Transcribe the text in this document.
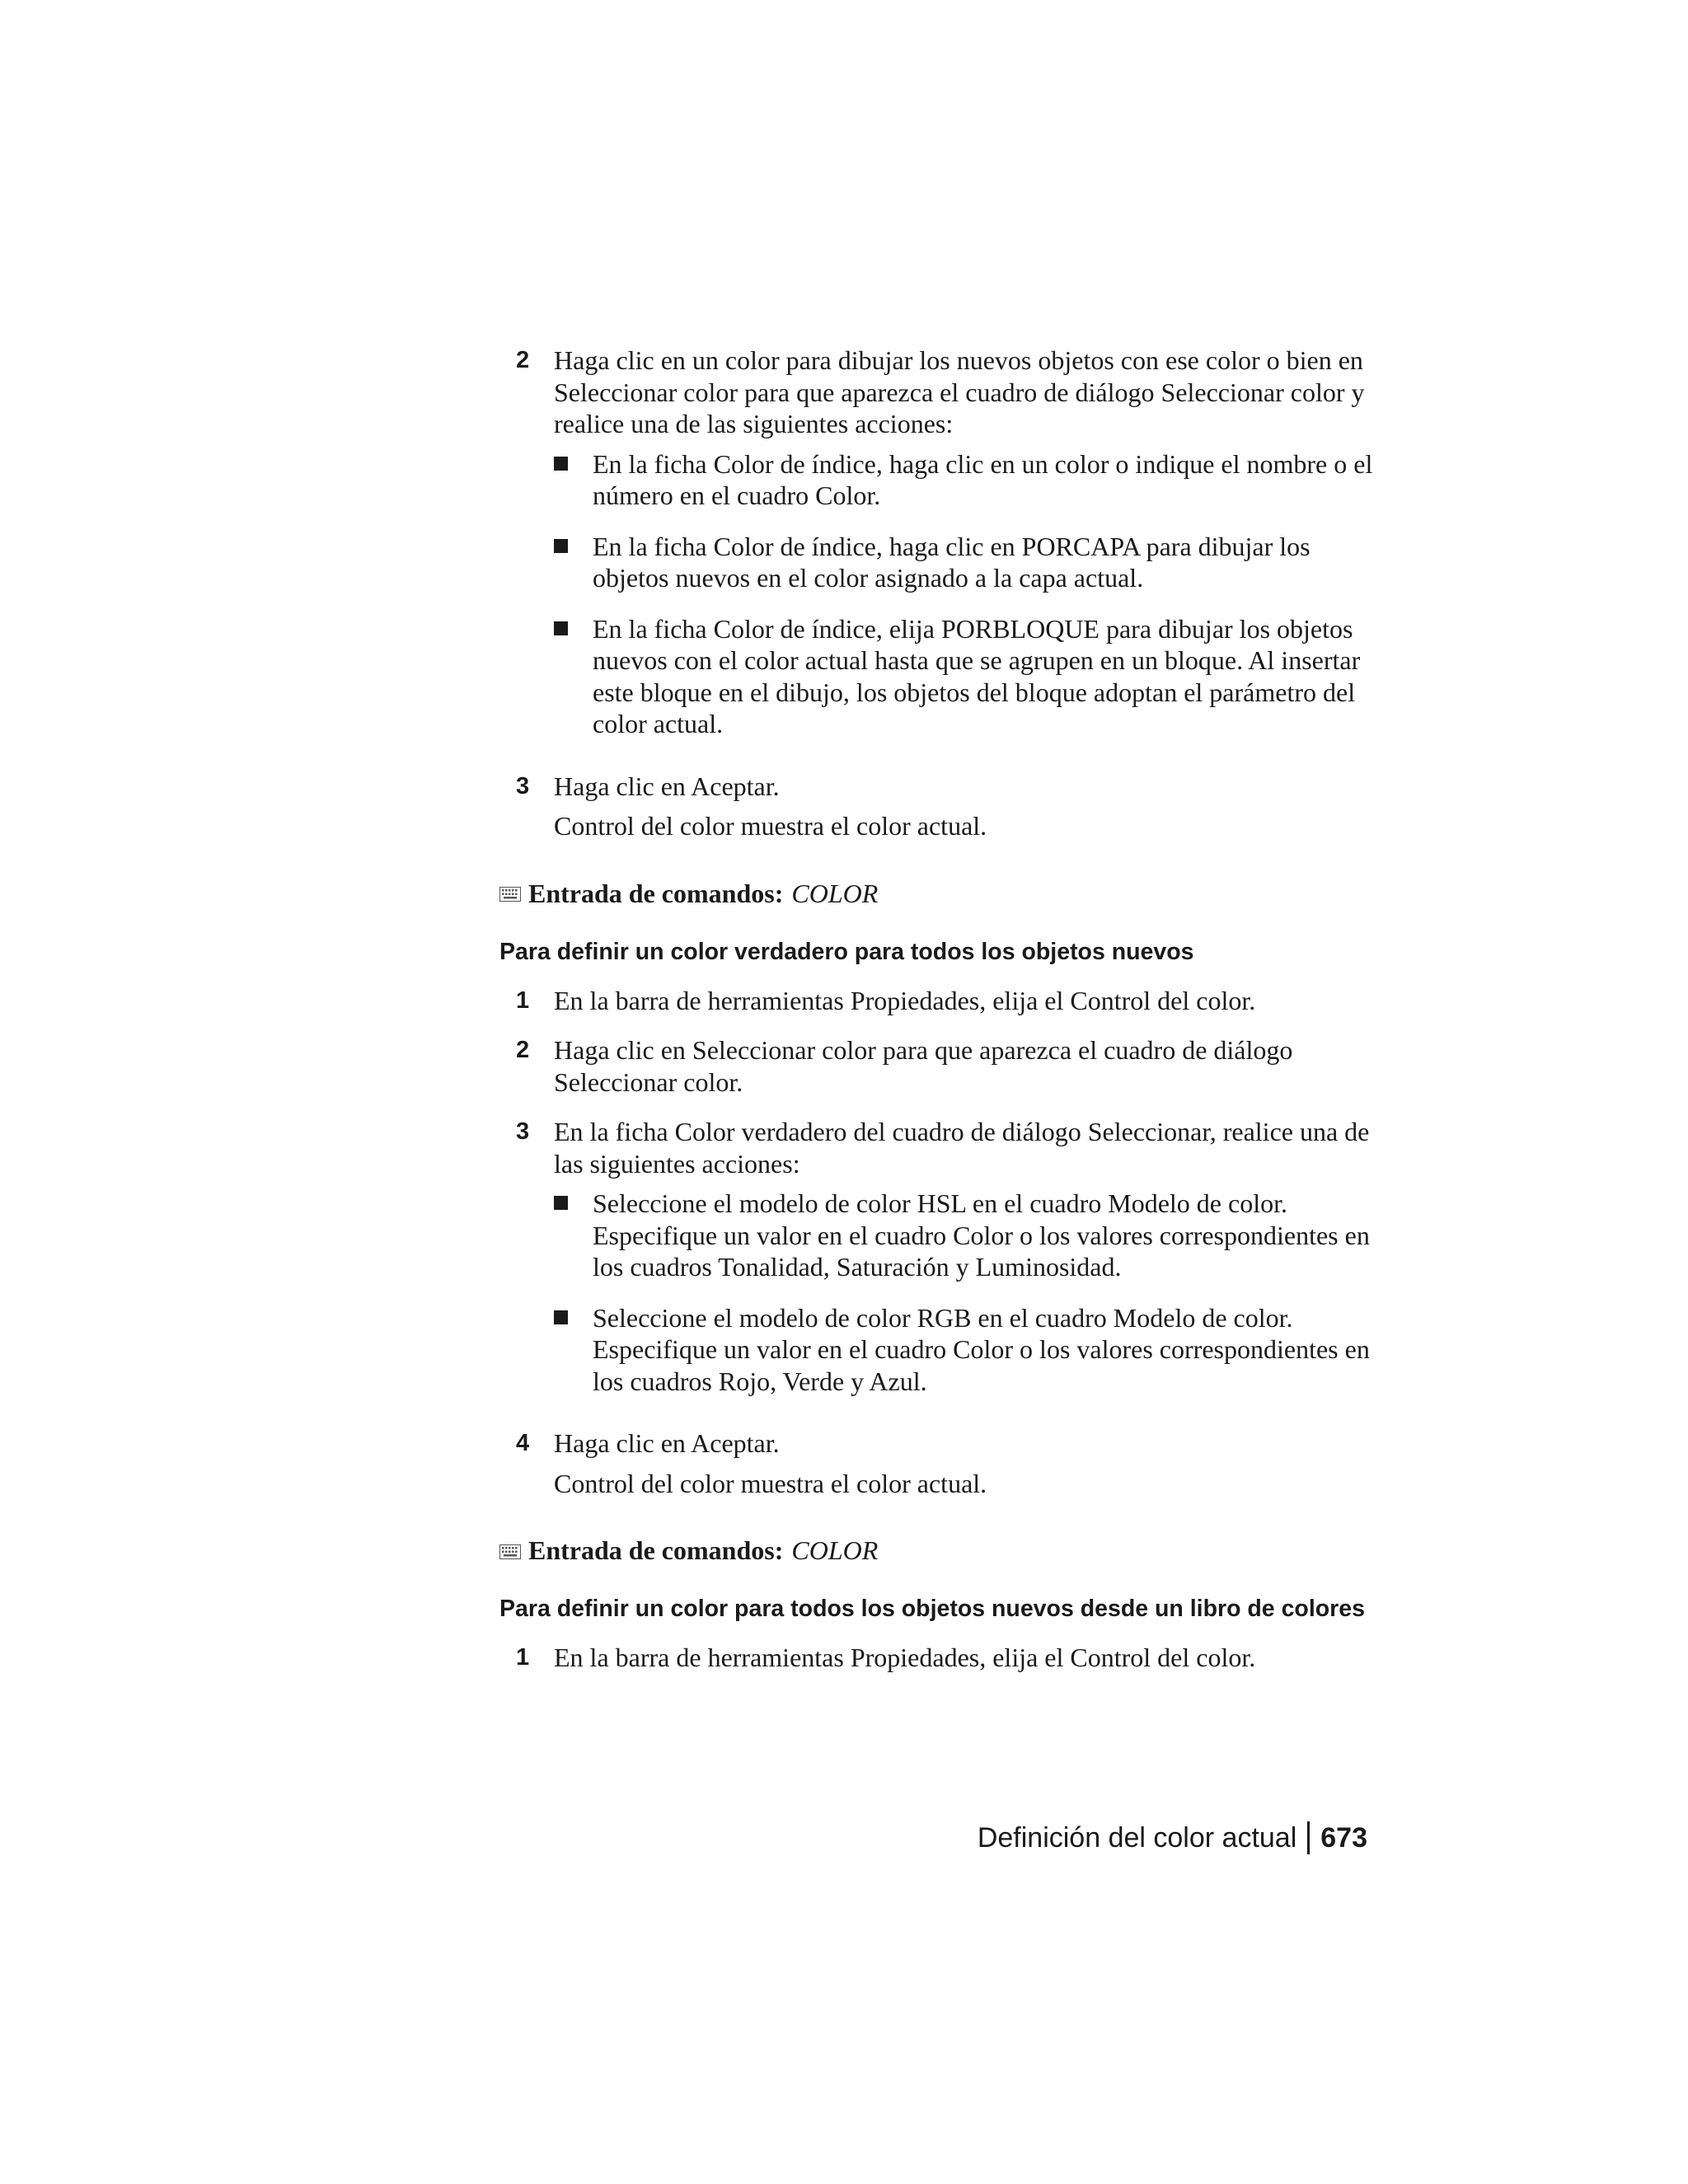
2 Haga clic en un color para dibujar los nuevos objetos con ese color o bien en Seleccionar color para que aparezca el cuadro de diálogo Seleccionar color y realice una de las siguientes acciones:
En la ficha Color de índice, haga clic en un color o indique el nombre o el número en el cuadro Color.
En la ficha Color de índice, haga clic en PORCAPA para dibujar los objetos nuevos en el color asignado a la capa actual.
En la ficha Color de índice, elija PORBLOQUE para dibujar los objetos nuevos con el color actual hasta que se agrupen en un bloque. Al insertar este bloque en el dibujo, los objetos del bloque adoptan el parámetro del color actual.
3 Haga clic en Aceptar.
Control del color muestra el color actual.
Entrada de comandos: COLOR
Para definir un color verdadero para todos los objetos nuevos
1 En la barra de herramientas Propiedades, elija el Control del color.
2 Haga clic en Seleccionar color para que aparezca el cuadro de diálogo Seleccionar color.
3 En la ficha Color verdadero del cuadro de diálogo Seleccionar, realice una de las siguientes acciones:
Seleccione el modelo de color HSL en el cuadro Modelo de color. Especifique un valor en el cuadro Color o los valores correspondientes en los cuadros Tonalidad, Saturación y Luminosidad.
Seleccione el modelo de color RGB en el cuadro Modelo de color. Especifique un valor en el cuadro Color o los valores correspondientes en los cuadros Rojo, Verde y Azul.
4 Haga clic en Aceptar.
Control del color muestra el color actual.
Entrada de comandos: COLOR
Para definir un color para todos los objetos nuevos desde un libro de colores
1 En la barra de herramientas Propiedades, elija el Control del color.
Definición del color actual 673
